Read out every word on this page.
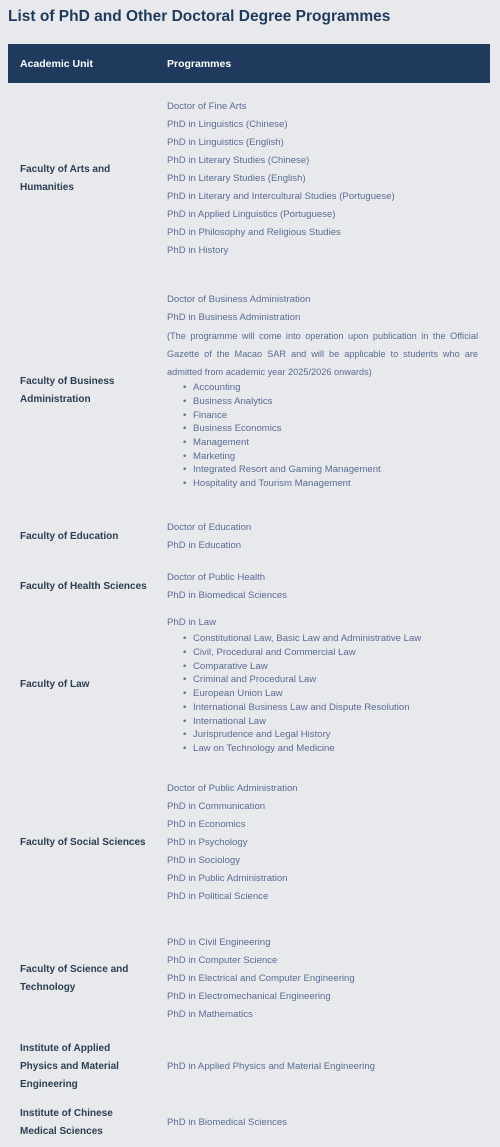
List of PhD and Other Doctoral Degree Programmes
Academic Unit	Programmes
Faculty of Arts and Humanities
Doctor of Fine Arts
PhD in Linguistics (Chinese)
PhD in Linguistics (English)
PhD in Literary Studies (Chinese)
PhD in Literary Studies (English)
PhD in Literary and Intercultural Studies (Portuguese)
PhD in Applied Linguistics (Portuguese)
PhD in Philosophy and Religious Studies
PhD in History
Faculty of Business Administration
Doctor of Business Administration
PhD in Business Administration
(The programme will come into operation upon publication in the Official Gazette of the Macao SAR and will be applicable to students who are admitted from academic year 2025/2026 onwards)
• Accounting
• Business Analytics
• Finance
• Business Economics
• Management
• Marketing
• Integrated Resort and Gaming Management
• Hospitality and Tourism Management
Faculty of Education
Doctor of Education
PhD in Education
Faculty of Health Sciences
Doctor of Public Health
PhD in Biomedical Sciences
Faculty of Law
PhD in Law
• Constitutional Law, Basic Law and Administrative Law
• Civil, Procedural and Commercial Law
• Comparative Law
• Criminal and Procedural Law
• European Union Law
• International Business Law and Dispute Resolution
• International Law
• Jurisprudence and Legal History
• Law on Technology and Medicine
Faculty of Social Sciences
Doctor of Public Administration
PhD in Communication
PhD in Economics
PhD in Psychology
PhD in Sociology
PhD in Public Administration
PhD in Political Science
Faculty of Science and Technology
PhD in Civil Engineering
PhD in Computer Science
PhD in Electrical and Computer Engineering
PhD in Electromechanical Engineering
PhD in Mathematics
Institute of Applied Physics and Material Engineering
PhD in Applied Physics and Material Engineering
Institute of Chinese Medical Sciences
PhD in Biomedical Sciences
